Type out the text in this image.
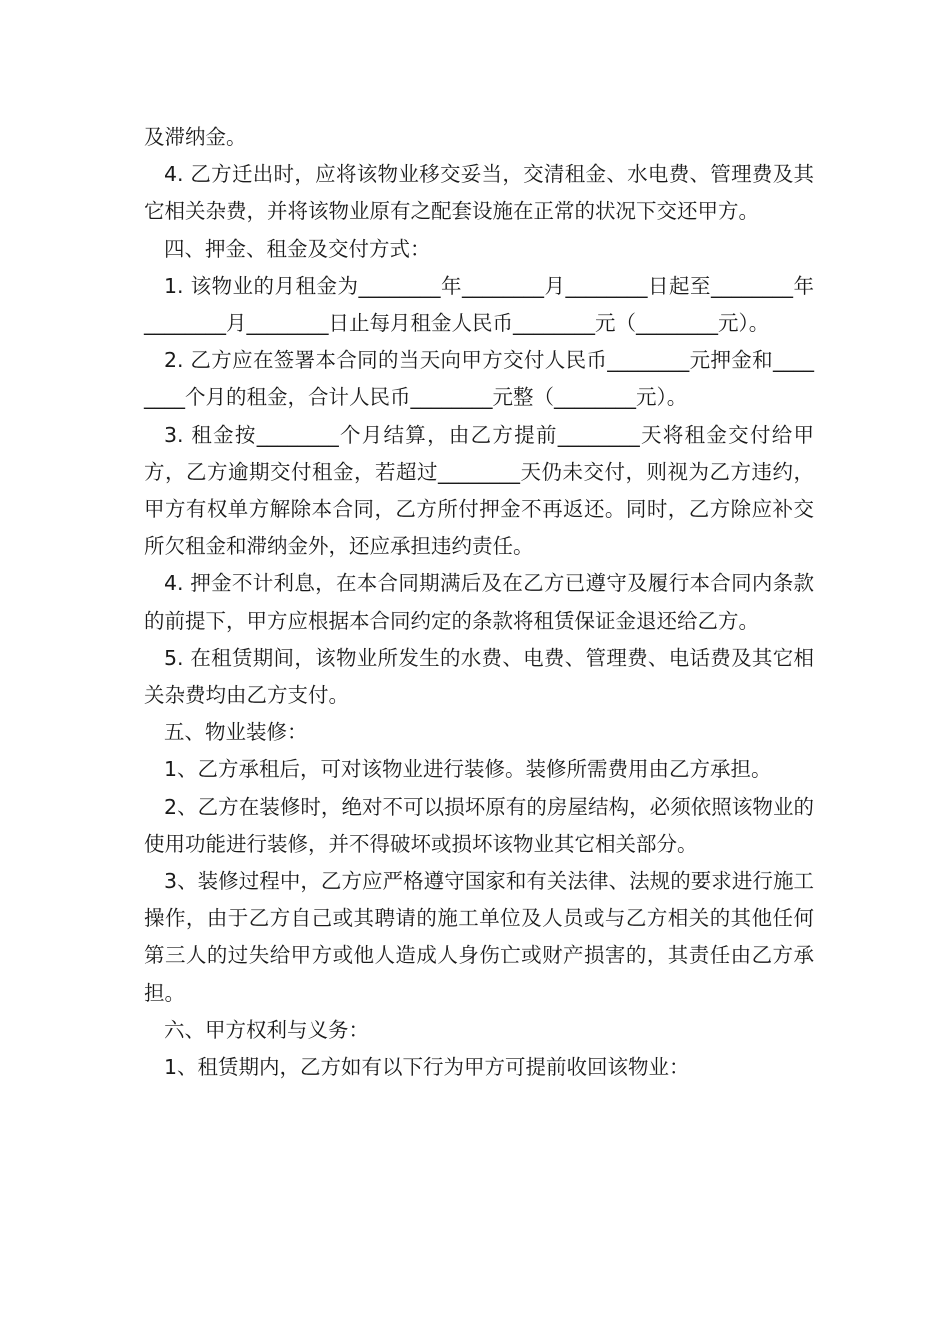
及滞纳金。

4. 乙方迁出时，应将该物业移交妥当，交清租金、水电费、管理费及其它相关杂费，并将该物业原有之配套设施在正常的状况下交还甲方。

四、押金、租金及交付方式：

1. 该物业的月租金为________年________月________日起至________年________月________日止每月租金人民币________元（________元）。

2. 乙方应在签署本合同的当天向甲方交付人民币________元押金和________个月的租金，合计人民币________元整（________元）。

3. 租金按________个月结算，由乙方提前________天将租金交付给甲方，乙方逾期交付租金，若超过________天仍未交付，则视为乙方违约，甲方有权单方解除本合同，乙方所付押金不再返还。同时，乙方除应补交所欠租金和滞纳金外，还应承担违约责任。

4. 押金不计利息，在本合同期满后及在乙方已遵守及履行本合同内条款的前提下，甲方应根据本合同约定的条款将租赁保证金退还给乙方。

5. 在租赁期间，该物业所发生的水费、电费、管理费、电话费及其它相关杂费均由乙方支付。

五、物业装修：

1、乙方承租后，可对该物业进行装修。装修所需费用由乙方承担。

2、乙方在装修时，绝对不可以损坏原有的房屋结构，必须依照该物业的使用功能进行装修，并不得破坏或损坏该物业其它相关部分。

3、装修过程中，乙方应严格遵守国家和有关法律、法规的要求进行施工操作，由于乙方自己或其聘请的施工单位及人员或与乙方相关的其他任何第三人的过失给甲方或他人造成人身伤亡或财产损害的，其责任由乙方承担。

六、甲方权利与义务：

1、租赁期内，乙方如有以下行为甲方可提前收回该物业：
